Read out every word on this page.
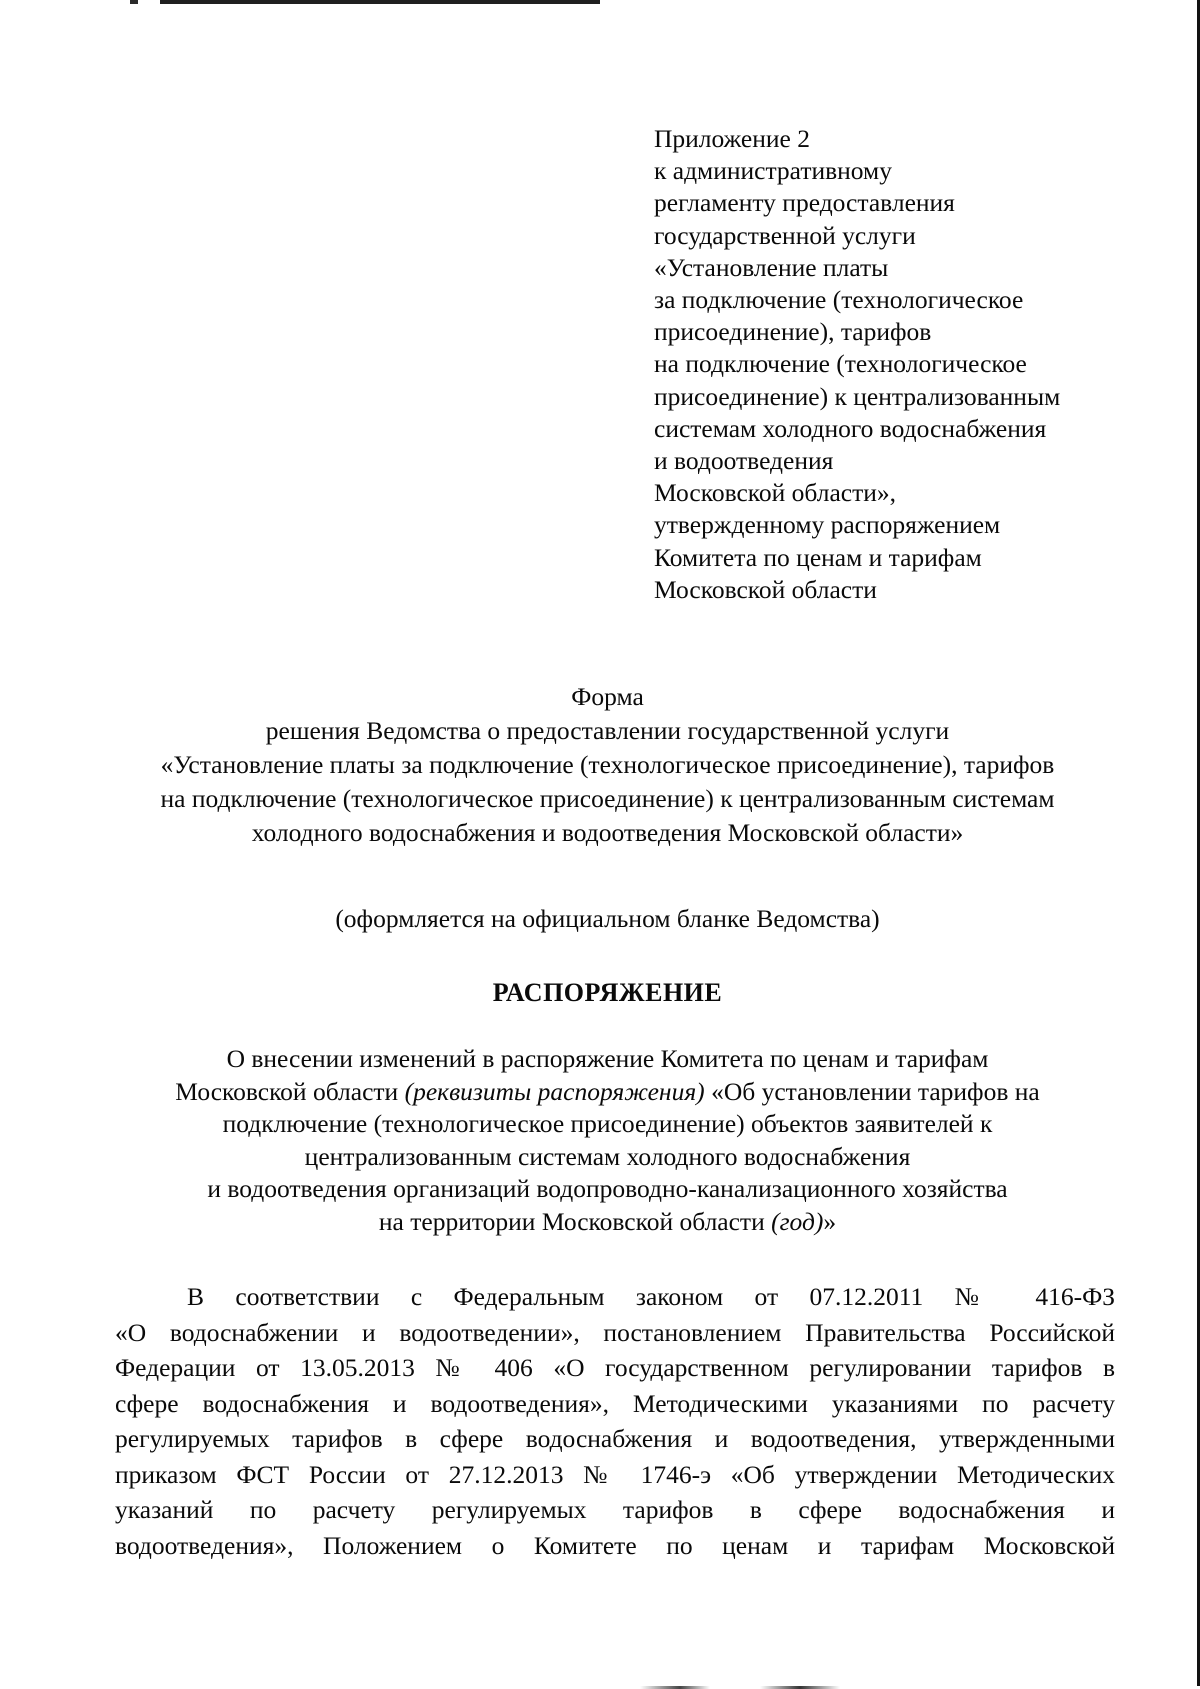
Приложение 2
к административному
регламенту предоставления
государственной услуги
«Установление платы
за подключение (технологическое
присоединение), тарифов
на подключение (технологическое
присоединение) к централизованным
системам холодного водоснабжения
и водоотведения
Московской области»,
утвержденному распоряжением
Комитета по ценам и тарифам
Московской области
Форма
решения Ведомства о предоставлении государственной услуги
«Установление платы за подключение (технологическое присоединение), тарифов
на подключение (технологическое присоединение) к централизованным системам
холодного водоснабжения и водоотведения Московской области»
(оформляется на официальном бланке Ведомства)
РАСПОРЯЖЕНИЕ
О внесении изменений в распоряжение Комитета по ценам и тарифам
Московской области (реквизиты распоряжения) «Об установлении тарифов на
подключение (технологическое присоединение) объектов заявителей к
централизованным системам холодного водоснабжения
и водоотведения организаций водопроводно-канализационного хозяйства
на территории Московской области (год)»
В соответствии с Федеральным законом от 07.12.2011 № 416-ФЗ
«О водоснабжении и водоотведении», постановлением Правительства Российской
Федерации от 13.05.2013 № 406 «О государственном регулировании тарифов в
сфере водоснабжения и водоотведения», Методическими указаниями по расчету
регулируемых тарифов в сфере водоснабжения и водоотведения, утвержденными
приказом ФСТ России от 27.12.2013 № 1746-э «Об утверждении Методических
указаний по расчету регулируемых тарифов в сфере водоснабжения и
водоотведения», Положением о Комитете по ценам и тарифам Московской
